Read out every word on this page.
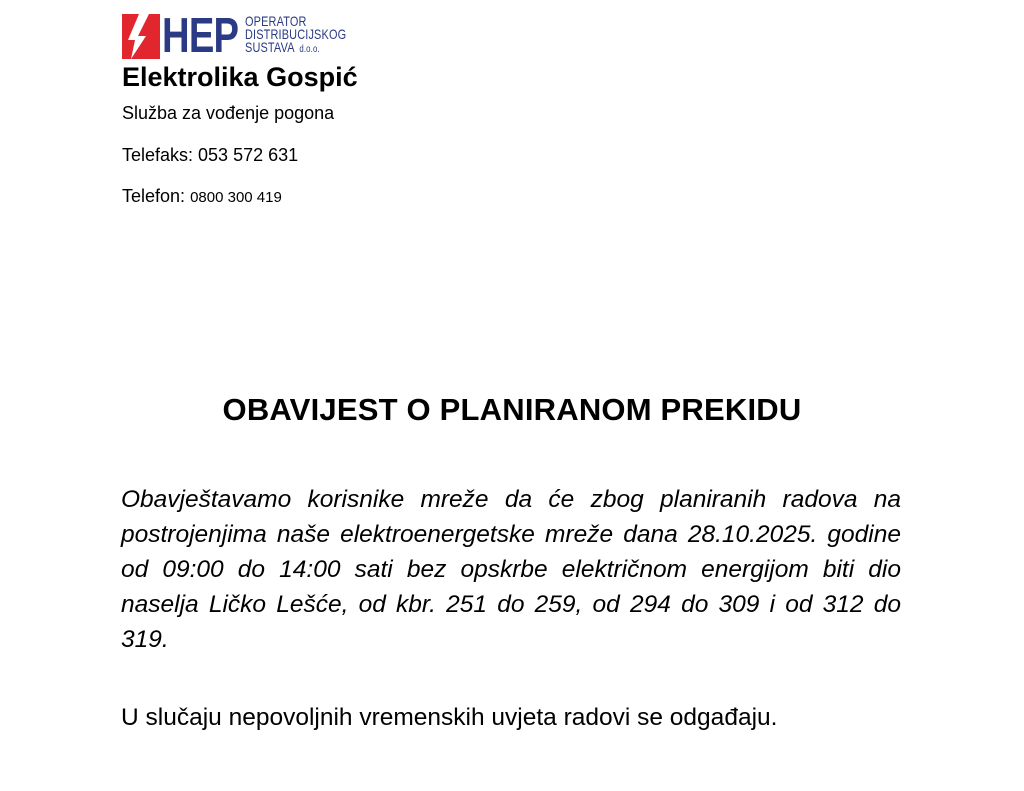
HEP OPERATOR
DISTRIBUCIJSKOG
SUSTAVA d.o.o.
Elektrolika Gospić
Služba za vođenje pogona
Telefaks: 053 572 631
Telefon: 0800 300 419
OBAVIJEST O PLANIRANOM PREKIDU
Obavještavamo korisnike mreže da će zbog planiranih radova na postrojenjima naše elektroenergetske mreže dana 28.10.2025. godine od 09:00 do 14:00 sati bez opskrbe električnom energijom biti dio naselja Ličko Lešće, od kbr. 251 do 259, od 294 do 309 i od 312 do 319.
U slučaju nepovoljnih vremenskih uvjeta radovi se odgađaju.
